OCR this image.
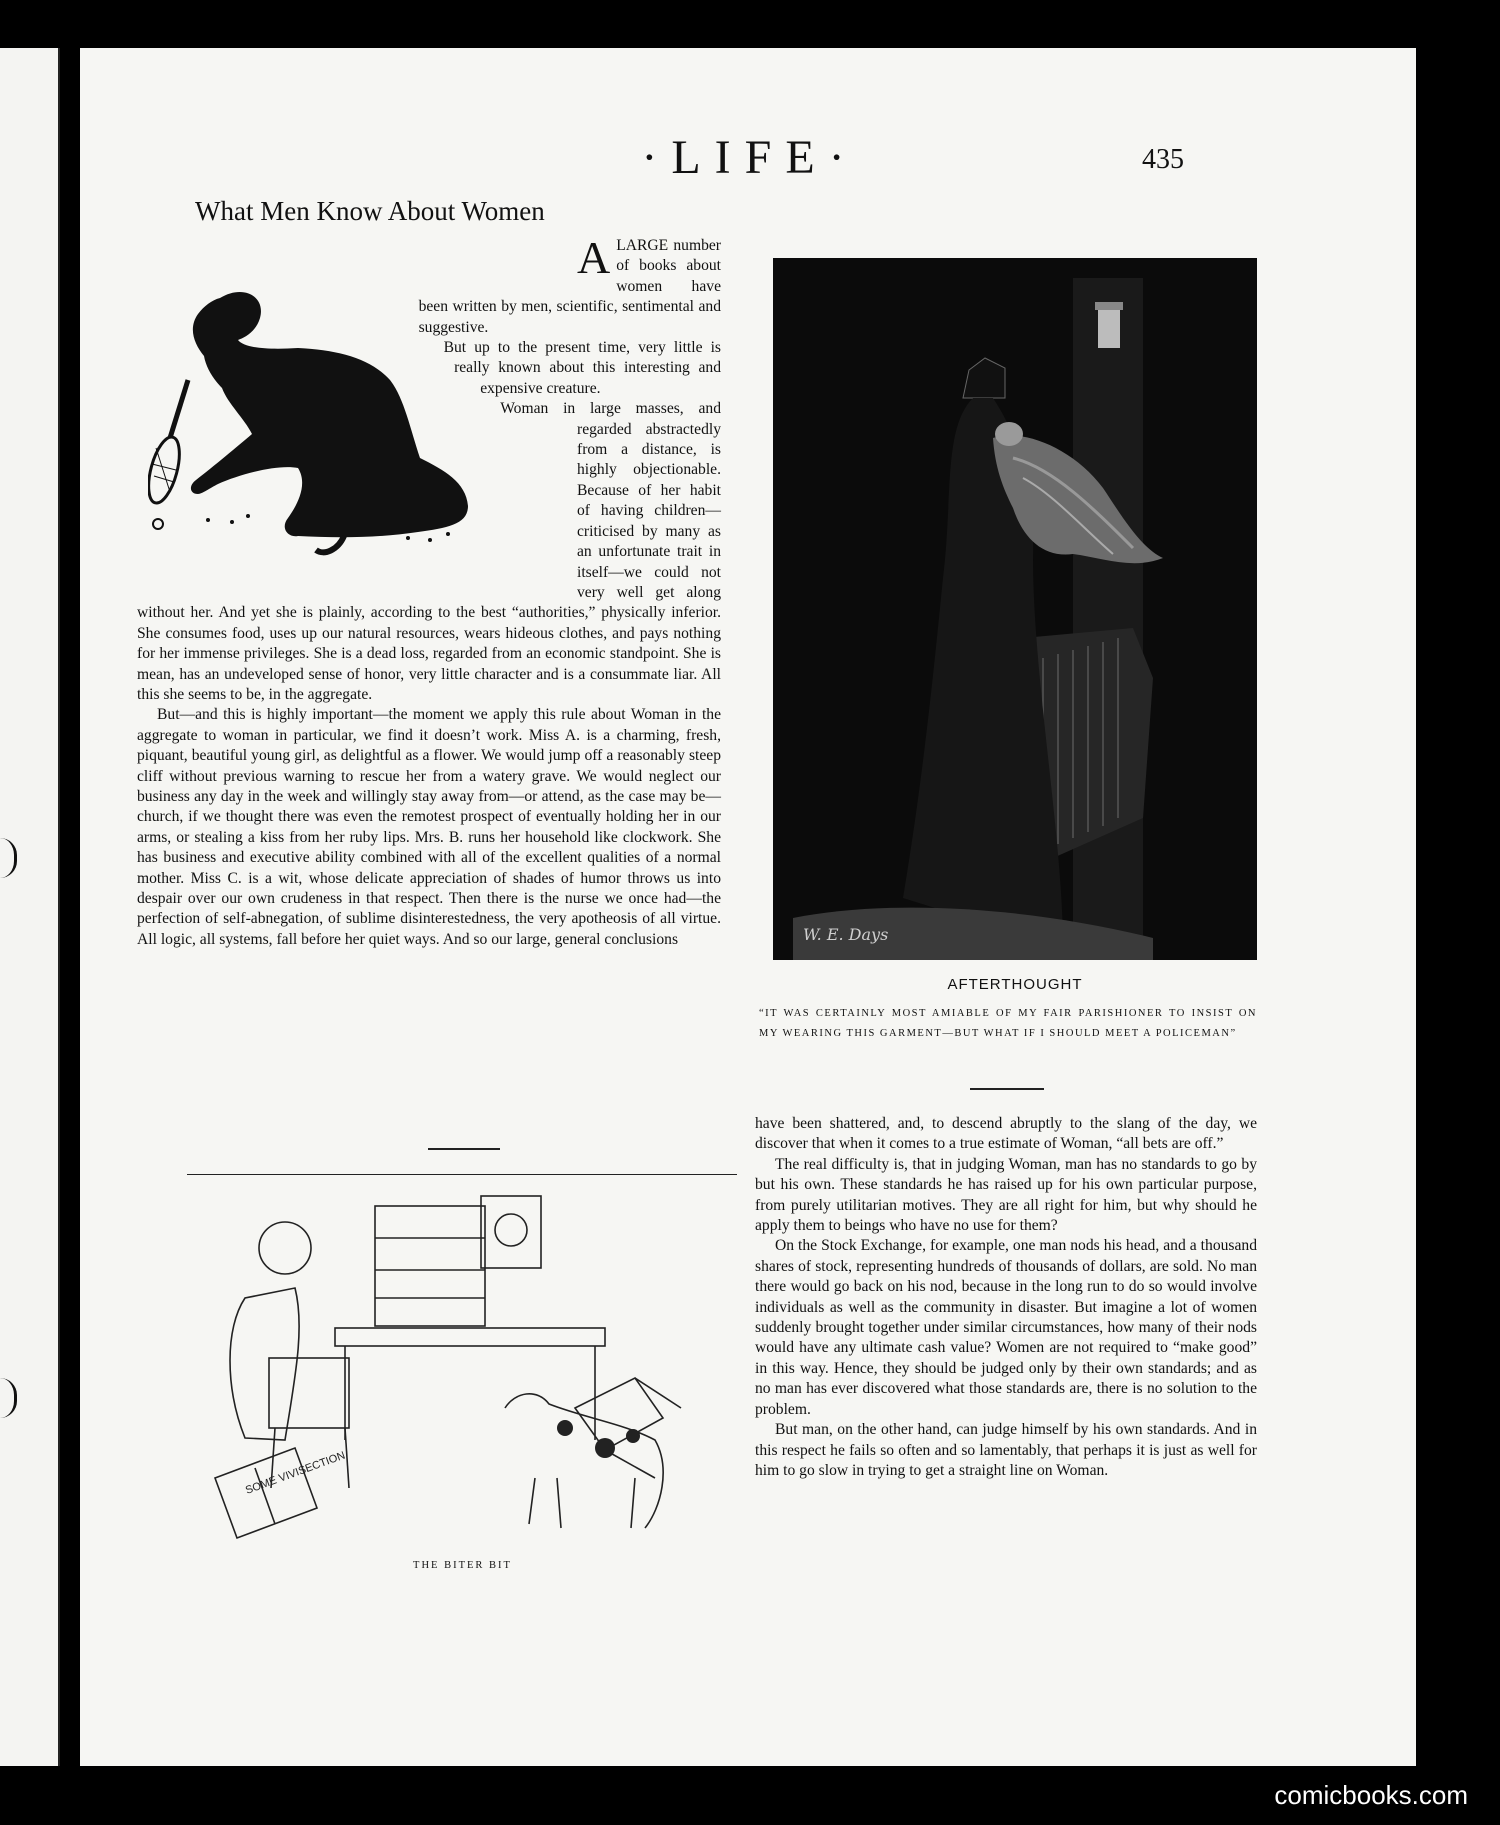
·LIFE·	435
What Men Know About Women

ALARGE number of books about women have been written by men, scientific, sentimental and suggestive.

But up to the present time, very little is really known about this interesting and expensive creature.

Woman in large masses, and regarded abstractedly from a distance, is highly objectionable. Because of her habit of having children—criticised by many as an unfortunate trait in itself—we could not very well get along without her. And yet she is plainly, according to the best “authorities,” physically inferior. She consumes food, uses up our natural resources, wears hideous clothes, and pays nothing for her immense privileges. She is a dead loss, regarded from an economic standpoint. She is mean, has an undeveloped sense of honor, very little character and is a consummate liar. All this she seems to be, in the aggregate.

But—and this is highly important—the moment we apply this rule about Woman in the aggregate to woman in particular, we find it doesn’t work. Miss A. is a charming, fresh, piquant, beautiful young girl, as delightful as a flower. We would jump off a reasonably steep cliff without previous warning to rescue her from a watery grave. We would neglect our business any day in the week and willingly stay away from—or attend, as the case may be—church, if we thought there was even the remotest prospect of eventually holding her in our arms, or stealing a kiss from her ruby lips. Mrs. B. runs her household like clockwork. She has business and executive ability combined with all of the excellent qualities of a normal mother. Miss C. is a wit, whose delicate appreciation of shades of humor throws us into despair over our own crudeness in that respect. Then there is the nurse we once had—the perfection of self-abnegation, of sublime disinterestedness, the very apotheosis of all virtue. All logic, all systems, fall before her quiet ways. And so our large, general conclusions	W. E. Days
AFTERTHOUGHT
“IT WAS CERTAINLY MOST AMIABLE OF MY FAIR PARISHIONER TO INSIST ON MY WEARING THIS GARMENT—BUT WHAT IF I SHOULD MEET A POLICEMAN”

have been shattered, and, to descend abruptly to the slang of the day, we discover that when it comes to a true estimate of Woman, “all bets are off.”

The real difficulty is, that in judging Woman, man has no standards to go by but his own. These standards he has raised up for his own particular purpose, from purely utilitarian motives. They are all right for him, but why should he apply them to beings who have no use for them?

On the Stock Exchange, for example, one man nods his head, and a thousand shares of stock, representing hundreds of thousands of dollars, are sold. No man there would go back on his nod, because in the long run to do so would involve individuals as well as the community in disaster. But imagine a lot of women suddenly brought together under similar circumstances, how many of their nods would have any ultimate cash value? Women are not required to “make good” in this way. Hence, they should be judged only by their own standards; and as no man has ever discovered what those standards are, there is no solution to the problem.

But man, on the other hand, can judge himself by his own standards. And in this respect he fails so often and so lamentably, that perhaps it is just as well for him to go slow in trying to get a straight line on Woman.

SOME VIVISECTION
THE BITER BIT
comicbooks.com
